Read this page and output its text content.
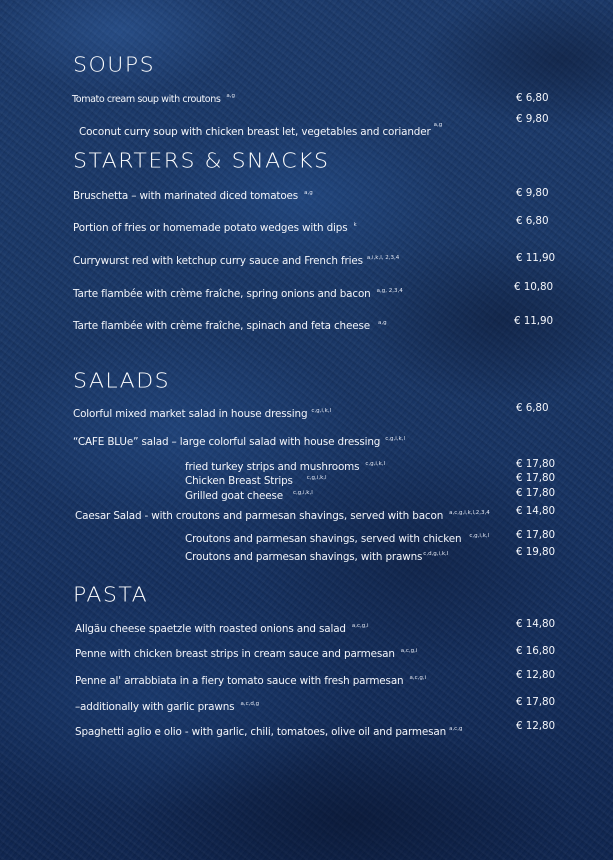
SOUPS
Tomato cream soup with croutons $^{a,g}$	€ 6,80
Coconut curry soup with chicken breast let, vegetables and coriander$^{a,g}$	€ 9,80
STARTERS & SNACKS
Bruschetta – with marinated diced tomatoes $^{a,g}$	€ 9,80
Portion of fries or homemade potato wedges with dips $^k$	€ 6,80
Currywurst red with ketchup curry sauce and French fries $^{a,i,k,l, 2,3,4}$	€ 11,90
Tarte flambée with crème fraîche, spring onions and bacon $^{a,g, 2,3,4}$	€ 10,80
Tarte flambée with crème fraîche, spinach and feta cheese $^{a,g}$	€ 11,90
SALADS
Colorful mixed market salad in house dressing $^{c,g,i,k,l}$	€ 6,80
“CAFE BLUe” salad – large colorful salad with house dressing $^{c,g,i,k,l}$
fried turkey strips and mushrooms $^{c,g,i,k,l}$	€ 17,80
Chicken Breast Strips	$^{c,g,i,k,l}$	€ 17,80
Grilled goat cheese $^{c,g,i,k,l}$	€ 17,80
Caesar Salad - with croutons and parmesan shavings, served with bacon $^{a,c,g,i,k,l,2,3,4}$	€ 14,80
Croutons and parmesan shavings, served with chicken $^{c,g,i,k,l}$	€ 17,80
Croutons and parmesan shavings, with prawns$^{c,d,g,i,k,l}$	€ 19,80
PASTA
Allgäu cheese spaetzle with roasted onions and salad $^{a,c,g,i}$	€ 14,80
Penne with chicken breast strips in cream sauce and parmesan $^{a,c,g,i}$	€ 16,80
Penne al' arrabbiata in a fiery tomato sauce with fresh parmesan $^{a,c,g,i}$	€ 12,80
–additionally with garlic prawns $^{a,c,d,g}$	€ 17,80
Spaghetti aglio e olio - with garlic, chili, tomatoes, olive oil and parmesan $^{a,c,g}$	€ 12,80
